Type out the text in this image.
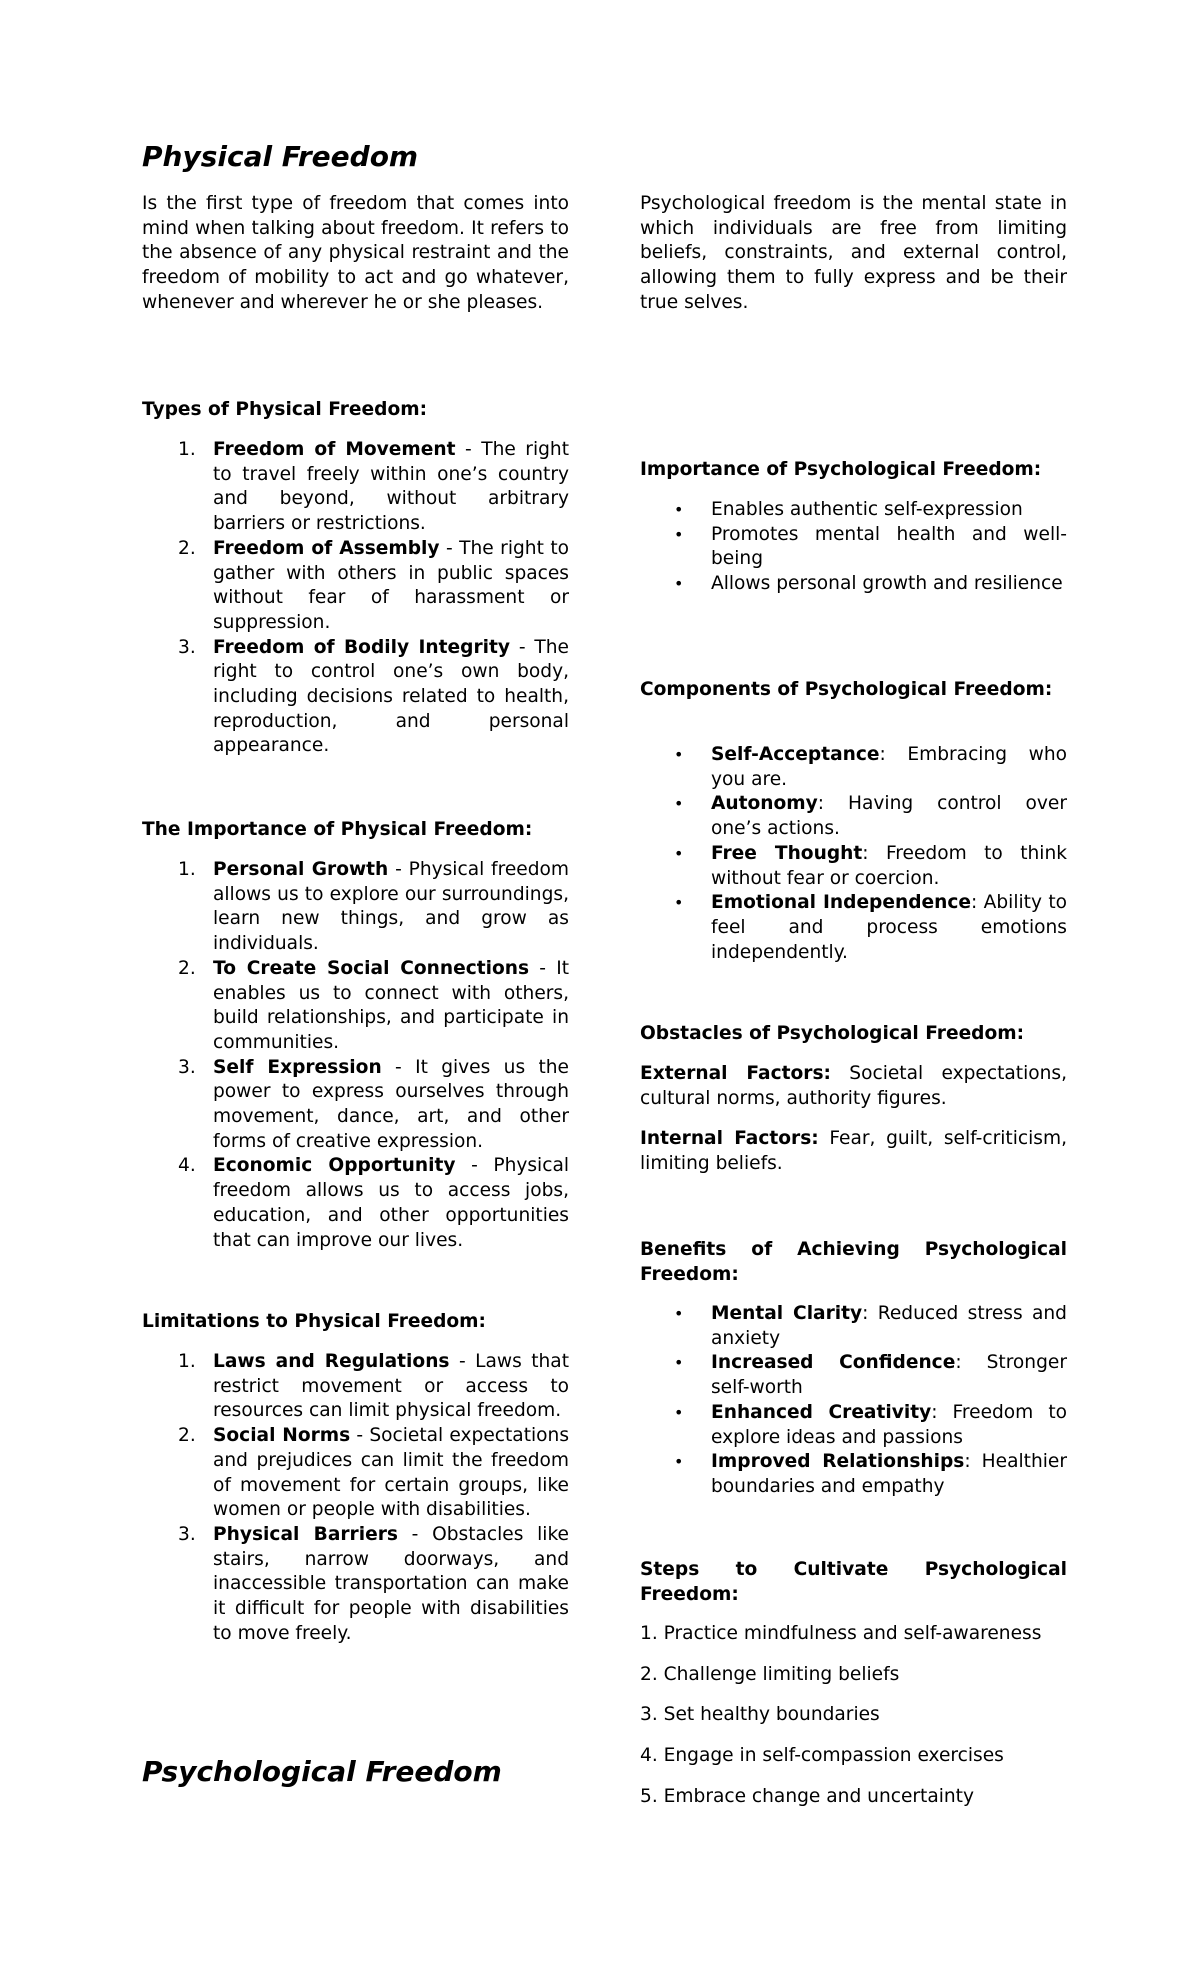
Physical Freedom

Is the first type of freedom that comes into mind when talking about freedom. It refers to the absence of any physical restraint and the freedom of mobility to act and go whatever, whenever and wherever he or she pleases.

Types of Physical Freedom:

1. Freedom of Movement - The right to travel freely within one’s country and beyond, without arbitrary barriers or restrictions.
2. Freedom of Assembly - The right to gather with others in public spaces without fear of harassment or suppression.
3. Freedom of Bodily Integrity - The right to control one’s own body, including decisions related to health, reproduction, and personal appearance.

The Importance of Physical Freedom:

1. Personal Growth - Physical freedom allows us to explore our surroundings, learn new things, and grow as individuals.
2. To Create Social Connections - It enables us to connect with others, build relationships, and participate in communities.
3. Self Expression - It gives us the power to express ourselves through movement, dance, art, and other forms of creative expression.
4. Economic Opportunity - Physical freedom allows us to access jobs, education, and other opportunities that can improve our lives.

Limitations to Physical Freedom:

1. Laws and Regulations - Laws that restrict movement or access to resources can limit physical freedom.
2. Social Norms - Societal expectations and prejudices can limit the freedom of movement for certain groups, like women or people with disabilities.
3. Physical Barriers - Obstacles like stairs, narrow doorways, and inaccessible transportation can make it difficult for people with disabilities to move freely.
Psychological Freedom

Psychological freedom is the mental state in which individuals are free from limiting beliefs, constraints, and external control, allowing them to fully express and be their true selves.

Importance of Psychological Freedom:

• Enables authentic self-expression
• Promotes mental health and well-being
• Allows personal growth and resilience

Components of Psychological Freedom:

• Self-Acceptance: Embracing who you are.
• Autonomy: Having control over one’s actions.
• Free Thought: Freedom to think without fear or coercion.
• Emotional Independence: Ability to feel and process emotions independently.

Obstacles of Psychological Freedom:

External Factors: Societal expectations, cultural norms, authority figures.

Internal Factors: Fear, guilt, self-criticism, limiting beliefs.

Benefits of Achieving Psychological Freedom:

• Mental Clarity: Reduced stress and anxiety
• Increased Confidence: Stronger self-worth
• Enhanced Creativity: Freedom to explore ideas and passions
• Improved Relationships: Healthier boundaries and empathy

Steps to Cultivate Psychological Freedom:

1. Practice mindfulness and self-awareness
2. Challenge limiting beliefs
3. Set healthy boundaries
4. Engage in self-compassion exercises
5. Embrace change and uncertainty
